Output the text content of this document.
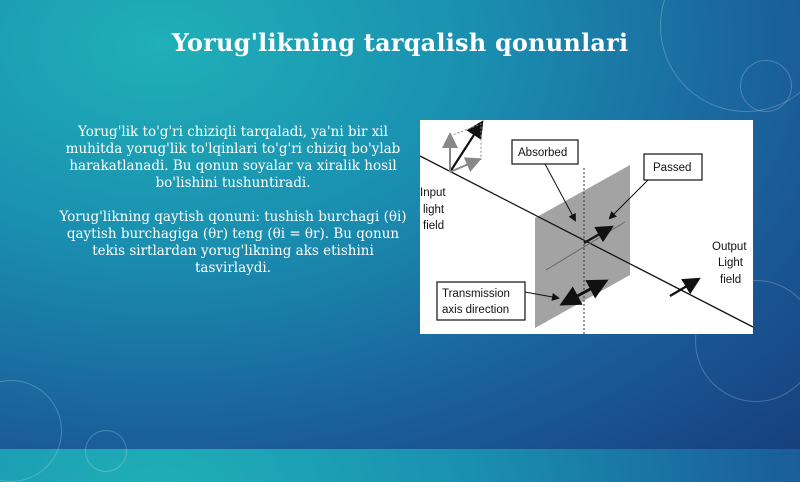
Yorug'likning tarqalish qonunlari

Yorug'lik to'g'ri chiziqli tarqaladi, ya'ni bir xil muhitda yorug'lik to'lqinlari to'g'ri chiziq bo'ylab harakatlanadi. Bu qonun soyalar va xiralik hosil bo'lishini tushuntiradi.

Yorug'likning qaytish qonuni: tushish burchagi (θi) qaytish burchagiga (θr) teng (θi = θr). Bu qonun tekis sirtlardan yorug'likning aks etishini tasvirlaydi.

Absorbed
Passed
Transmission
axis direction
Input
light
field
Output
Light
field
